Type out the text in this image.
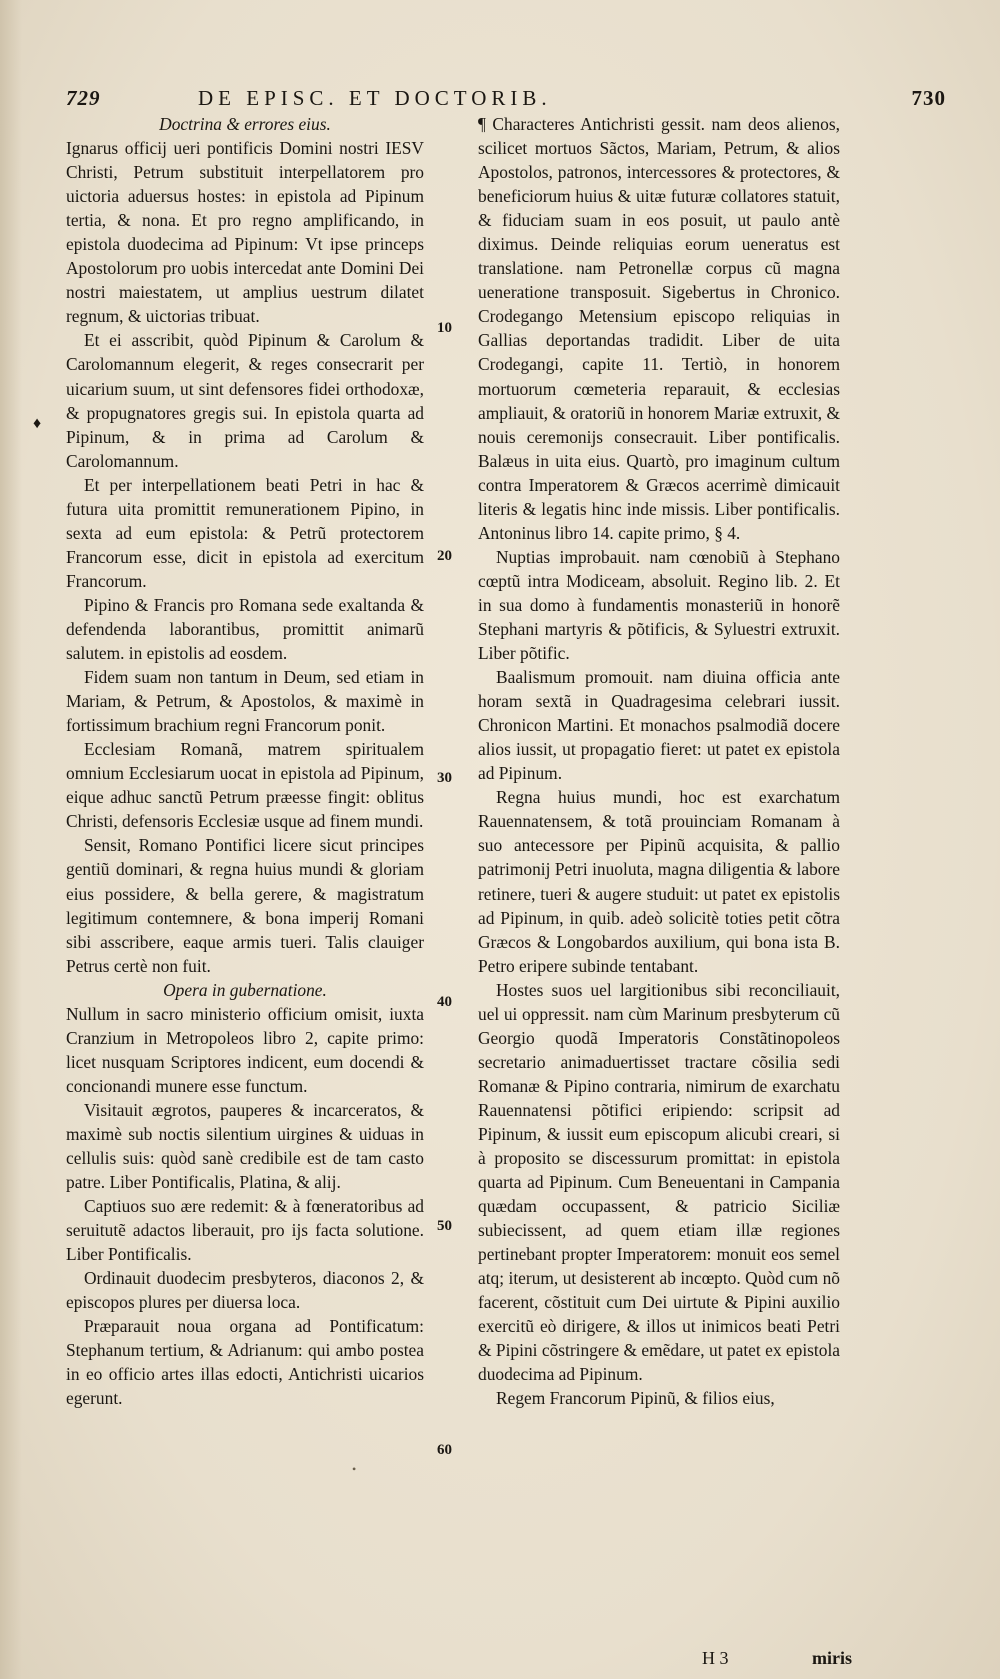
729	DE EPISC. ET DOCTORIB.	730

Doctrina & errores eius.

Ignarus officij ueri pontificis Domini nostri IESV Christi, Petrum substituit interpellatorem pro uictoria aduersus hostes: in epistola ad Pipinum tertia, & nona. Et pro regno amplificando, in epistola duodecima ad Pipinum: Vt ipse princeps Apostolorum pro uobis intercedat ante Domini Dei nostri maiestatem, ut amplius uestrum dilatet regnum, & uictorias tribuat.

Et ei asscribit, quòd Pipinum & Carolum & Carolomannum elegerit, & reges consecrarit per uicarium suum, ut sint defensores fidei orthodoxæ, & propugnatores gregis sui. In epistola quarta ad Pipinum, & in prima ad Carolum & Carolomannum.

Et per interpellationem beati Petri in hac & futura uita promittit remunerationem Pipino, in sexta ad eum epistola: & Petrũ protectorem Francorum esse, dicit in epistola ad exercitum Francorum.

Pipino & Francis pro Romana sede exaltanda & defendenda laborantibus, promittit animarũ salutem. in epistolis ad eosdem.

Fidem suam non tantum in Deum, sed etiam in Mariam, & Petrum, & Apostolos, & maximè in fortissimum brachium regni Francorum ponit.

Ecclesiam Romanã, matrem spiritualem omnium Ecclesiarum uocat in epistola ad Pipinum, eique adhuc sanctũ Petrum præesse fingit: oblitus Christi, defensoris Ecclesiæ usque ad finem mundi.

Sensit, Romano Pontifici licere sicut principes gentiũ dominari, & regna huius mundi & gloriam eius possidere, & bella gerere, & magistratum legitimum contemnere, & bona imperij Romani sibi asscribere, eaque armis tueri. Talis clauiger Petrus certè non fuit.

Opera in gubernatione.

Nullum in sacro ministerio officium omisit, iuxta Cranzium in Metropoleos libro 2, capite primo: licet nusquam Scriptores indicent, eum docendi & concionandi munere esse functum.

Visitauit ægrotos, pauperes & incarceratos, & maximè sub noctis silentium uirgines & uiduas in cellulis suis: quòd sanè credibile est de tam casto patre. Liber Pontificalis, Platina, & alij.

Captiuos suo ære redemit: & à fœneratoribus ad seruitutẽ adactos liberauit, pro ijs facta solutione. Liber Pontificalis.

Ordinauit duodecim presbyteros, diaconos 2, & episcopos plures per diuersa loca.

Præparauit noua organa ad Pontificatum: Stephanum tertium, & Adrianum: qui ambo postea in eo officio artes illas edocti, Antichristi uicarios egerunt.

¶ Characteres Antichristi gessit. nam deos alienos, scilicet mortuos Sãctos, Mariam, Petrum, & alios Apostolos, patronos, intercessores & protectores, & beneficiorum huius & uitæ futuræ collatores statuit, & fiduciam suam in eos posuit, ut paulo antè diximus. Deinde reliquias eorum ueneratus est translatione. nam Petronellæ corpus cũ magna ueneratione transposuit. Sigebertus in Chronico. Crodegango Metensium episcopo reliquias in Gallias deportandas tradidit. Liber de uita Crodegangi, capite 11. Tertiò, in honorem mortuorum cœmeteria reparauit, & ecclesias ampliauit, & oratoriũ in honorem Mariæ extruxit, & nouis ceremonijs consecrauit. Liber pontificalis. Balæus in uita eius. Quartò, pro imaginum cultum contra Imperatorem & Græcos acerrimè dimicauit literis & legatis hinc inde missis. Liber pontificalis. Antoninus libro 14. capite primo, § 4.

Nuptias improbauit. nam cœnobiũ à Stephano cœptũ intra Modiceam, absoluit. Regino lib. 2. Et in sua domo à fundamentis monasteriũ in honorẽ Stephani martyris & põtificis, & Syluestri extruxit. Liber põtific.

Baalismum promouit. nam diuina officia ante horam sextã in Quadragesima celebrari iussit. Chronicon Martini. Et monachos psalmodiã docere alios iussit, ut propagatio fieret: ut patet ex epistola ad Pipinum.

Regna huius mundi, hoc est exarchatum Rauennatensem, & totã prouinciam Romanam à suo antecessore per Pipinũ acquisita, & pallio patrimonij Petri inuoluta, magna diligentia & labore retinere, tueri & augere studuit: ut patet ex epistolis ad Pipinum, in quib. adeò solicitè toties petit cõtra Græcos & Longobardos auxilium, qui bona ista B. Petro eripere subinde tentabant.

Hostes suos uel largitionibus sibi reconciliauit, uel ui oppressit. nam cùm Marinum presbyterum cũ Georgio quodã Imperatoris Constãtinopoleos secretario animaduertisset tractare cõsilia sedi Romanæ & Pipino contraria, nimirum de exarchatu Rauennatensi põtifici eripiendo: scripsit ad Pipinum, & iussit eum episcopum alicubi creari, si à proposito se discessurum promittat: in epistola quarta ad Pipinum. Cum Beneuentani in Campania quædam occupassent, & patricio Siciliæ subiecissent, ad quem etiam illæ regiones pertinebant propter Imperatorem: monuit eos semel atq; iterum, ut desisterent ab incœpto. Quòd cum nõ facerent, cõstituit cum Dei uirtute & Pipini auxilio exercitũ eò dirigere, & illos ut inimicos beati Petri & Pipini cõstringere & emẽdare, ut patet ex epistola duodecima ad Pipinum.

Regem Francorum Pipinũ, & filios eius,

10
20
30
40
50
60
♦
•
H 3	miris
